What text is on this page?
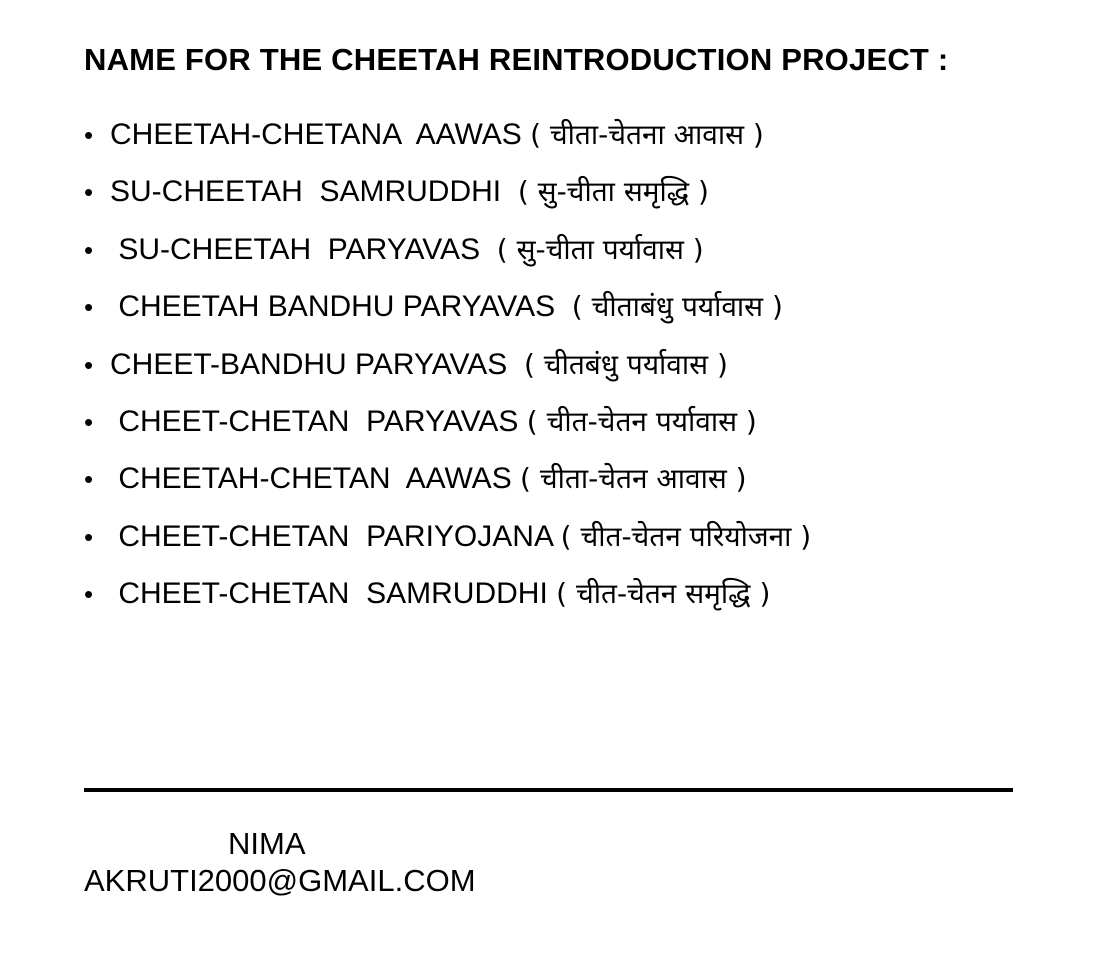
NAME FOR THE CHEETAH REINTRODUCTION PROJECT :
• CHEETAH-CHETANA  AAWAS ( चीता-चेतना आवास )
• SU-CHEETAH  SAMRUDDHI ( सु-चीता समृद्धि )
• SU-CHEETAH  PARYAVAS ( सु-चीता पर्यावास )
• CHEETAH BANDHU PARYAVAS ( चीताबंधु पर्यावास )
• CHEET-BANDHU PARYAVAS ( चीतबंधु पर्यावास )
• CHEET-CHETAN  PARYAVAS ( चीत-चेतन पर्यावास )
• CHEETAH-CHETAN  AAWAS ( चीता-चेतन आवास )
• CHEET-CHETAN  PARIYOJANA ( चीत-चेतन परियोजना )
• CHEET-CHETAN  SAMRUDDHI ( चीत-चेतन समृद्धि )
NIMA
AKRUTI2000@GMAIL.COM
